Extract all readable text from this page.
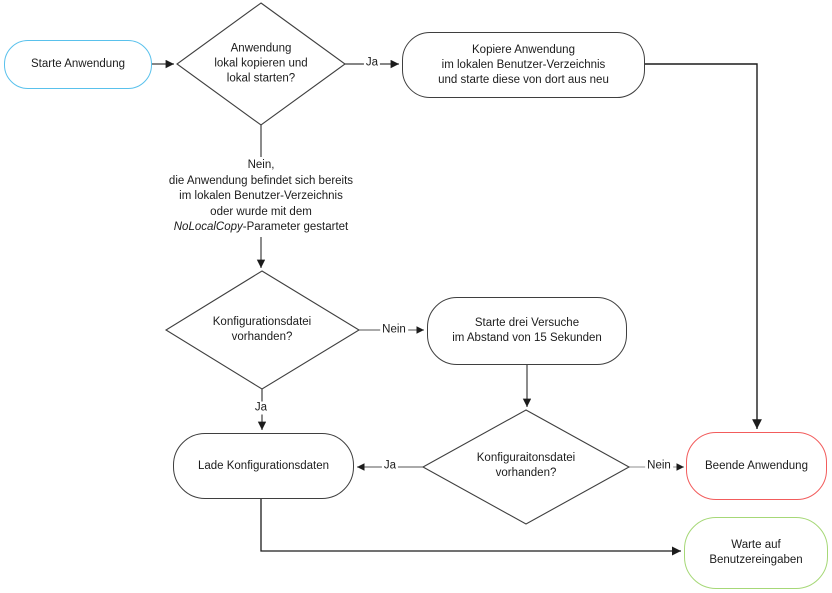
Starte Anwendung
Kopiere Anwendung
im lokalen Benutzer-Verzeichnis
und starte diese von dort aus neu
Starte drei Versuche
im Abstand von 15 Sekunden
Lade Konfigurationsdaten	Beende Anwendung
Warte auf
Benutzereingaben
Anwendung
lokal kopieren und
lokal starten?
Konfigurationsdatei
vorhanden?
Konfiguraitonsdatei
vorhanden?
Nein,
die Anwendung befindet sich bereits
im lokalen Benutzer-Verzeichnis
oder wurde mit dem
NoLocalCopy-Parameter gestartet
Ja
Nein
Ja
Ja	Nein
